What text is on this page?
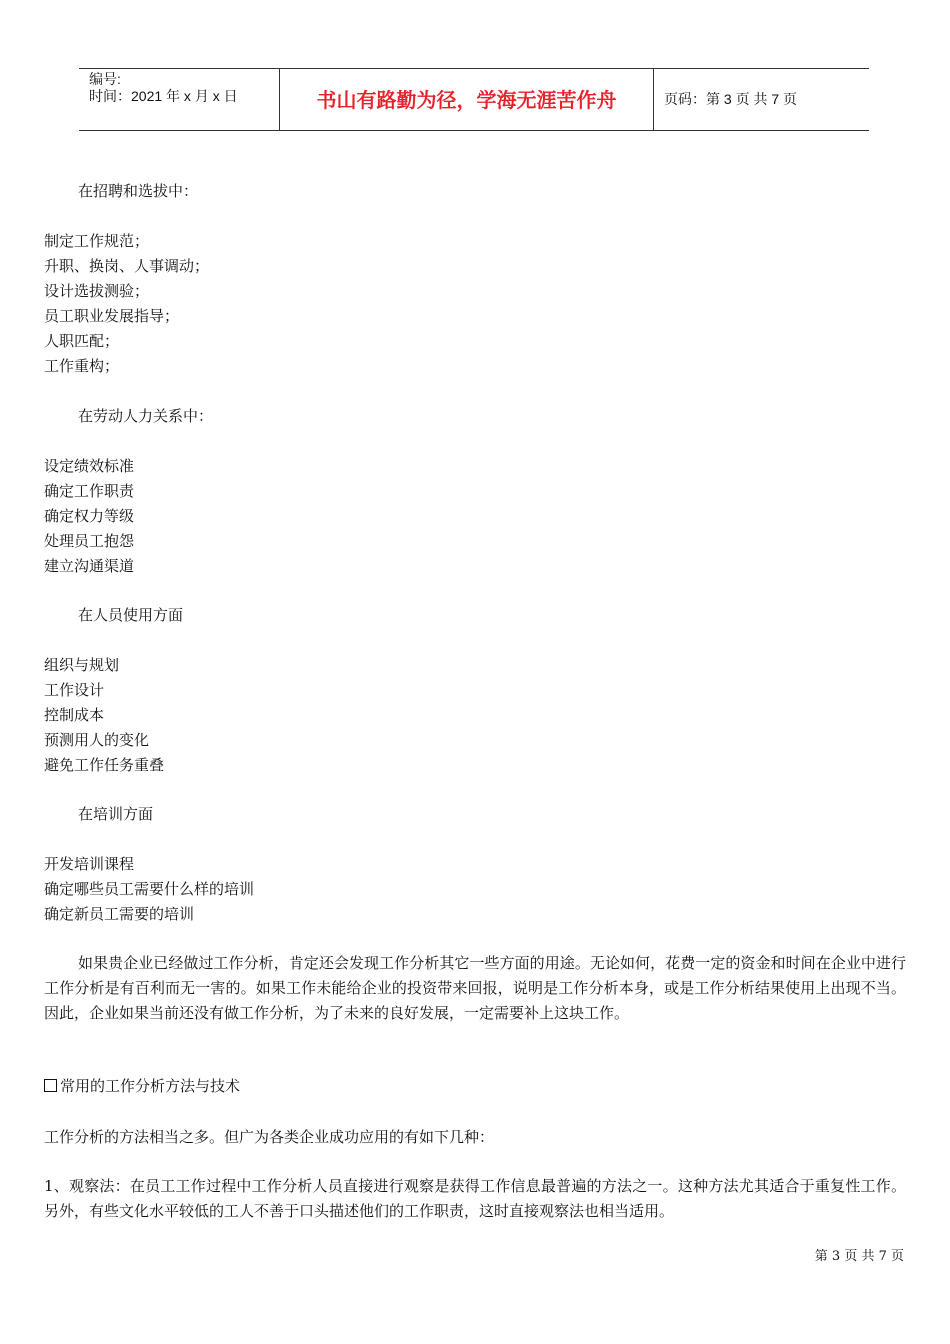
编号:
时间：2021 年 x 月 x 日	书山有路勤为径，学海无涯苦作舟	页码：第 3 页 共 7 页
在招聘和选拔中：
制定工作规范；
升职、换岗、人事调动；
设计选拔测验；
员工职业发展指导；
人职匹配；
工作重构；
在劳动人力关系中：
设定绩效标准
确定工作职责
确定权力等级
处理员工抱怨
建立沟通渠道
在人员使用方面
组织与规划
工作设计
控制成本
预测用人的变化
避免工作任务重叠
在培训方面
开发培训课程
确定哪些员工需要什么样的培训
确定新员工需要的培训
如果贵企业已经做过工作分析，肯定还会发现工作分析其它一些方面的用途。无论如何，花费一定的资金和时间在企业中进行工作分析是有百利而无一害的。如果工作未能给企业的投资带来回报，说明是工作分析本身，或是工作分析结果使用上出现不当。因此，企业如果当前还没有做工作分析，为了未来的良好发展，一定需要补上这块工作。
常用的工作分析方法与技术
工作分析的方法相当之多。但广为各类企业成功应用的有如下几种：
1、观察法：在员工工作过程中工作分析人员直接进行观察是获得工作信息最普遍的方法之一。这种方法尤其适合于重复性工作。另外，有些文化水平较低的工人不善于口头描述他们的工作职责，这时直接观察法也相当适用。
第 3 页 共 7 页
